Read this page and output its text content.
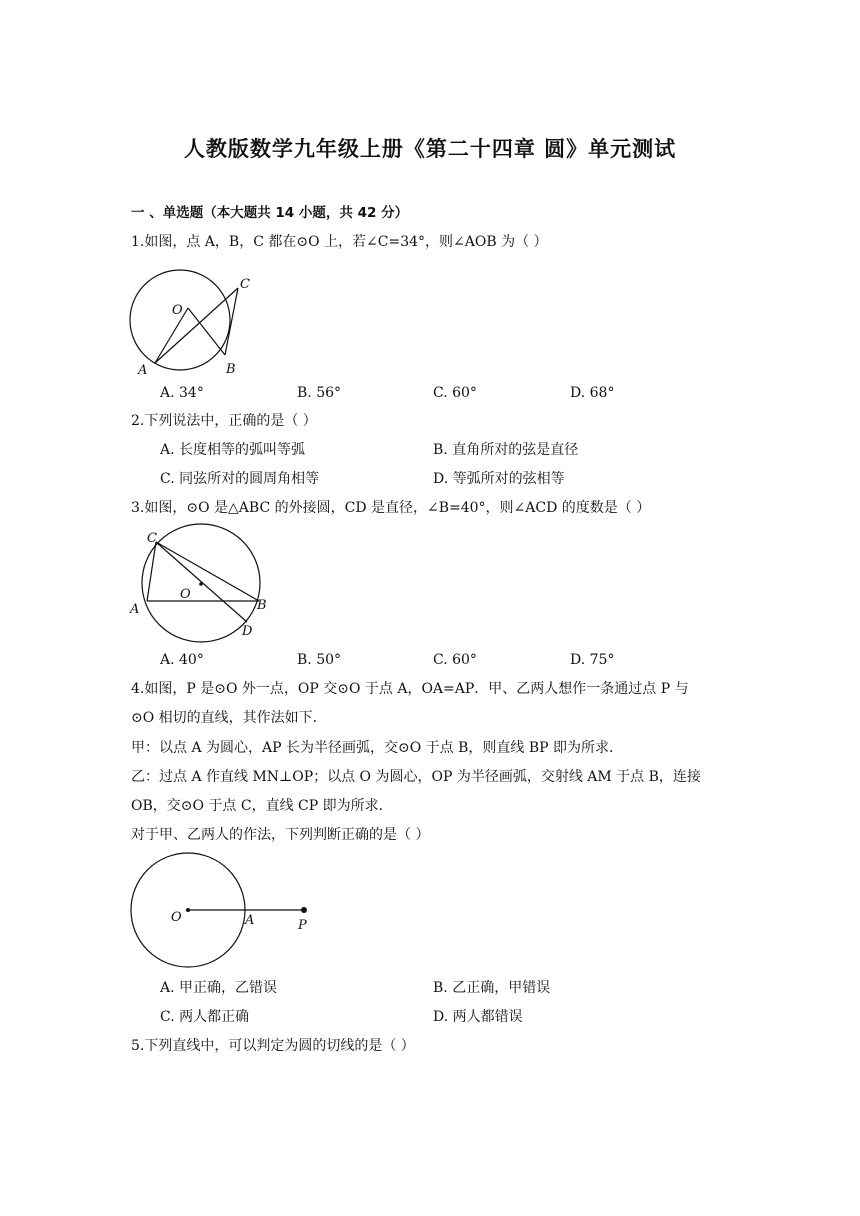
人教版数学九年级上册《第二十四章 圆》单元测试
一 、单选题（本大题共 14 小题，共 42 分）
1.如图，点 A，B，C 都在⊙O 上，若∠C=34°，则∠AOB 为（ ）
O
A	B
C
A. 34°	B. 56°	C. 60°	D. 68°
2.下列说法中，正确的是（ ）
A. 长度相等的弧叫等弧	B. 直角所对的弦是直径
C. 同弦所对的圆周角相等	D. 等弧所对的弦相等
3.如图，⊙O 是△ABC 的外接圆，CD 是直径，∠B=40°，则∠ACD 的度数是（ ）
C
O
A	B
D
A. 40°	B. 50°	C. 60°	D. 75°
4.如图，P 是⊙O 外一点，OP 交⊙O 于点 A，OA=AP．甲、乙两人想作一条通过点 P 与
⊙O 相切的直线，其作法如下．
甲：以点 A 为圆心，AP 长为半径画弧，交⊙O 于点 B，则直线 BP 即为所求．
乙：过点 A 作直线 MN⊥OP；以点 O 为圆心，OP 为半径画弧，交射线 AM 于点 B，连接
OB，交⊙O 于点 C，直线 CP 即为所求．
对于甲、乙两人的作法，下列判断正确的是（ ）
O	A	P
A. 甲正确，乙错误	B. 乙正确，甲错误
C. 两人都正确	D. 两人都错误
5.下列直线中，可以判定为圆的切线的是（ ）
